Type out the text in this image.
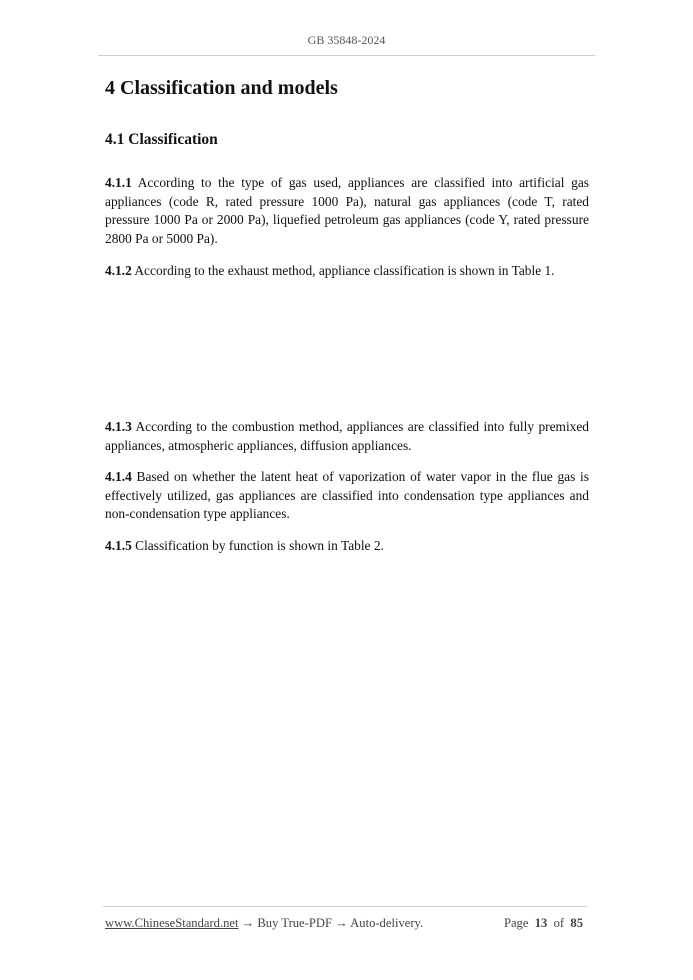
GB 35848-2024
4 Classification and models
4.1 Classification
4.1.1 According to the type of gas used, appliances are classified into artificial gas appliances (code R, rated pressure 1000 Pa), natural gas appliances (code T, rated pressure 1000 Pa or 2000 Pa), liquefied petroleum gas appliances (code Y, rated pressure 2800 Pa or 5000 Pa).
4.1.2 According to the exhaust method, appliance classification is shown in Table 1.
4.1.3 According to the combustion method, appliances are classified into fully premixed appliances, atmospheric appliances, diffusion appliances.
4.1.4 Based on whether the latent heat of vaporization of water vapor in the flue gas is effectively utilized, gas appliances are classified into condensation type appliances and non-condensation type appliances.
4.1.5 Classification by function is shown in Table 2.
www.ChineseStandard.net → Buy True-PDF → Auto-delivery.	Page 13 of 85
